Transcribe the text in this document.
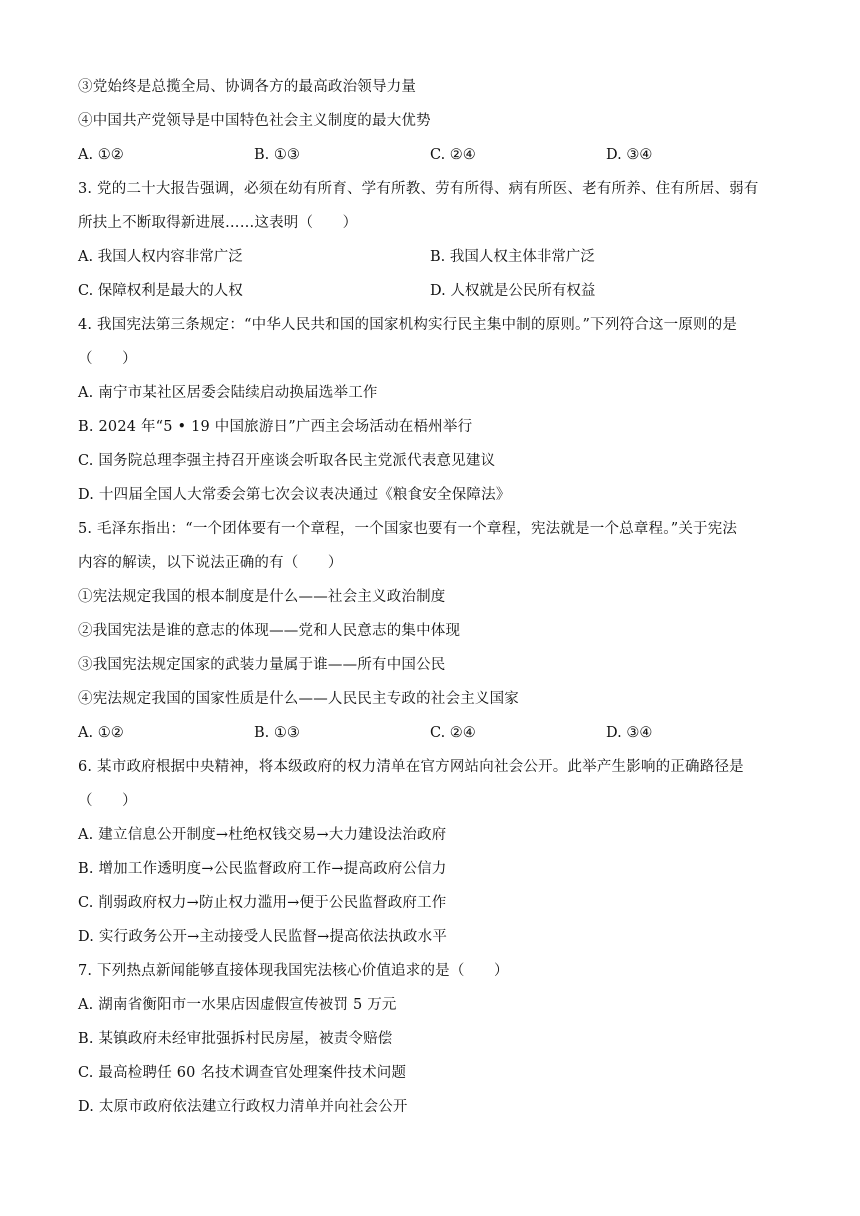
③党始终是总揽全局、协调各方的最高政治领导力量
④中国共产党领导是中国特色社会主义制度的最大优势
A. ①②	B. ①③	C. ②④	D. ③④
3. 党的二十大报告强调，必须在幼有所育、学有所教、劳有所得、病有所医、老有所养、住有所居、弱有
所扶上不断取得新进展……这表明（　　）
A. 我国人权内容非常广泛	B. 我国人权主体非常广泛
C. 保障权利是最大的人权	D. 人权就是公民所有权益
4. 我国宪法第三条规定：“中华人民共和国的国家机构实行民主集中制的原则。”下列符合这一原则的是
（　　）
A. 南宁市某社区居委会陆续启动换届选举工作
B. 2024 年“5 • 19 中国旅游日”广西主会场活动在梧州举行
C. 国务院总理李强主持召开座谈会听取各民主党派代表意见建议
D. 十四届全国人大常委会第七次会议表决通过《粮食安全保障法》
5. 毛泽东指出：“一个团体要有一个章程，一个国家也要有一个章程，宪法就是一个总章程。”关于宪法
内容的解读，以下说法正确的有（　　）
①宪法规定我国的根本制度是什么——社会主义政治制度
②我国宪法是谁的意志的体现——党和人民意志的集中体现
③我国宪法规定国家的武装力量属于谁——所有中国公民
④宪法规定我国的国家性质是什么——人民民主专政的社会主义国家
A. ①②	B. ①③	C. ②④	D. ③④
6. 某市政府根据中央精神，将本级政府的权力清单在官方网站向社会公开。此举产生影响的正确路径是
（　　）
A. 建立信息公开制度→杜绝权钱交易→大力建设法治政府
B. 增加工作透明度→公民监督政府工作→提高政府公信力
C. 削弱政府权力→防止权力滥用→便于公民监督政府工作
D. 实行政务公开→主动接受人民监督→提高依法执政水平
7. 下列热点新闻能够直接体现我国宪法核心价值追求的是（　　）
A. 湖南省衡阳市一水果店因虚假宣传被罚 5 万元
B. 某镇政府未经审批强拆村民房屋，被责令赔偿
C. 最高检聘任 60 名技术调查官处理案件技术问题
D. 太原市政府依法建立行政权力清单并向社会公开
